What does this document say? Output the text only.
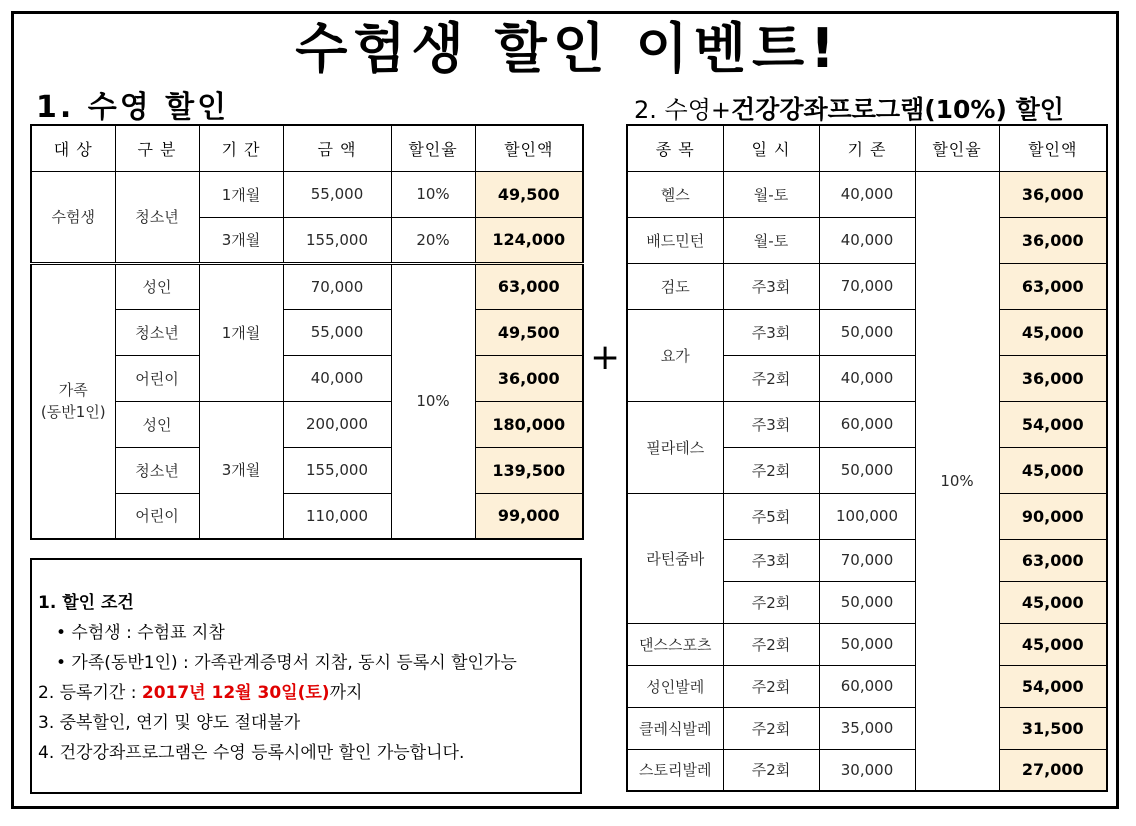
수험생 할인 이벤트!
1. 수영 할인	2. 수영+건강강좌프로그램(10%) 할인
+
대 상	구 분	기 간	금 액	할인율	할인액
수험생	청소년	1개월	55,000	10%	49,500
		3개월	155,000	20%	124,000
가족
(동반1인)	성인	1개월	70,000	10%	63,000
	청소년		55,000		49,500
	어린이		40,000		36,000
	성인	3개월	200,000		180,000
	청소년		155,000		139,500
	어린이		110,000		99,000
1. 할인 조건
• 수험생 : 수험표 지참
• 가족(동반1인) : 가족관계증명서 지참, 동시 등록시 할인가능
2. 등록기간 : 2017년 12월 30일(토)까지
3. 중복할인, 연기 및 양도 절대불가
4. 건강강좌프로그램은 수영 등록시에만 할인 가능합니다.
종 목	일 시	기 존	할인율	할인액
헬스	월-토	40,000	10%	36,000
배드민턴	월-토	40,000		36,000
검도	주3회	70,000		63,000
요가	주3회	50,000		45,000
	주2회	40,000		36,000
필라테스	주3회	60,000		54,000
	주2회	50,000		45,000
라틴줌바	주5회	100,000		90,000
	주3회	70,000		63,000
	주2회	50,000		45,000
댄스스포츠	주2회	50,000		45,000
성인발레	주2회	60,000		54,000
클레식발레	주2회	35,000		31,500
스토리발레	주2회	30,000		27,000
